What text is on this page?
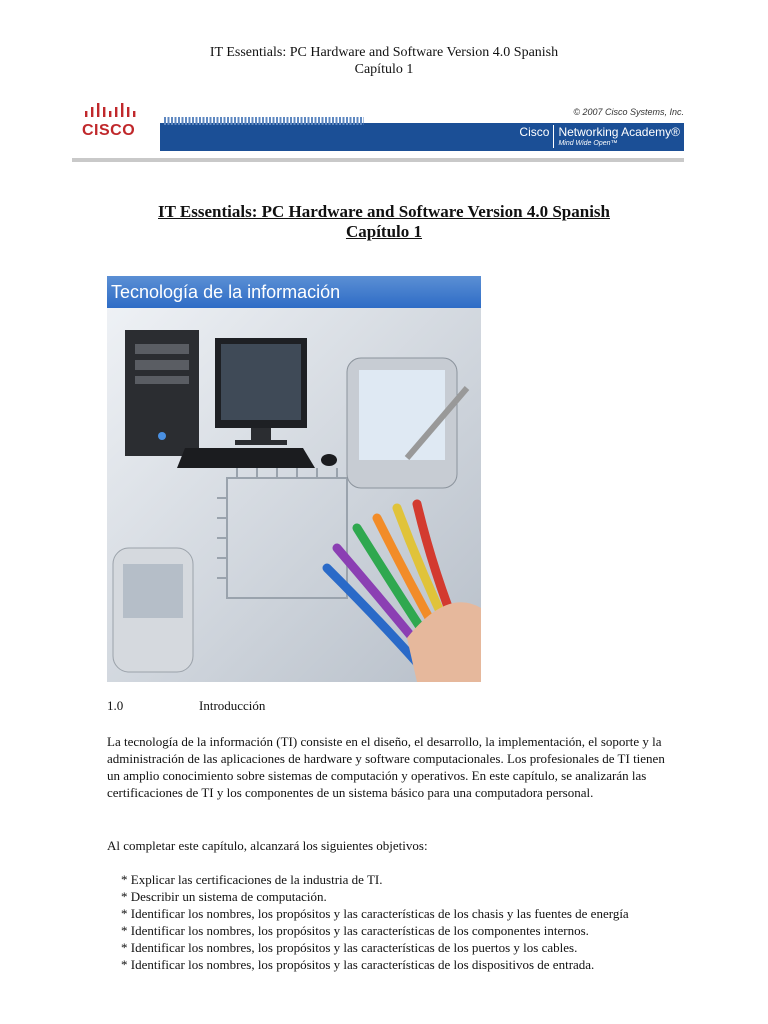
IT Essentials: PC Hardware and Software Version 4.0 Spanish
Capítulo 1
CISCO
© 2007 Cisco Systems, Inc.
Cisco Networking Academy®
Mind Wide Open™
IT Essentials: PC Hardware and Software Version 4.0 Spanish
Capítulo 1
Tecnología de la información
1.0	Introducción

La tecnología de la información (TI) consiste en el diseño, el desarrollo, la implementación, el soporte y la administración de las aplicaciones de hardware y software computacionales. Los profesionales de TI tienen un amplio conocimiento sobre sistemas de computación y operativos. En este capítulo, se analizarán las certificaciones de TI y los componentes de un sistema básico para una computadora personal.

Al completar este capítulo, alcanzará los siguientes objetivos:

* Explicar las certificaciones de la industria de TI.
* Describir un sistema de computación.
* Identificar los nombres, los propósitos y las características de los chasis y las fuentes de energía
* Identificar los nombres, los propósitos y las características de los componentes internos.
* Identificar los nombres, los propósitos y las características de los puertos y los cables.
* Identificar los nombres, los propósitos y las características de los dispositivos de entrada.
